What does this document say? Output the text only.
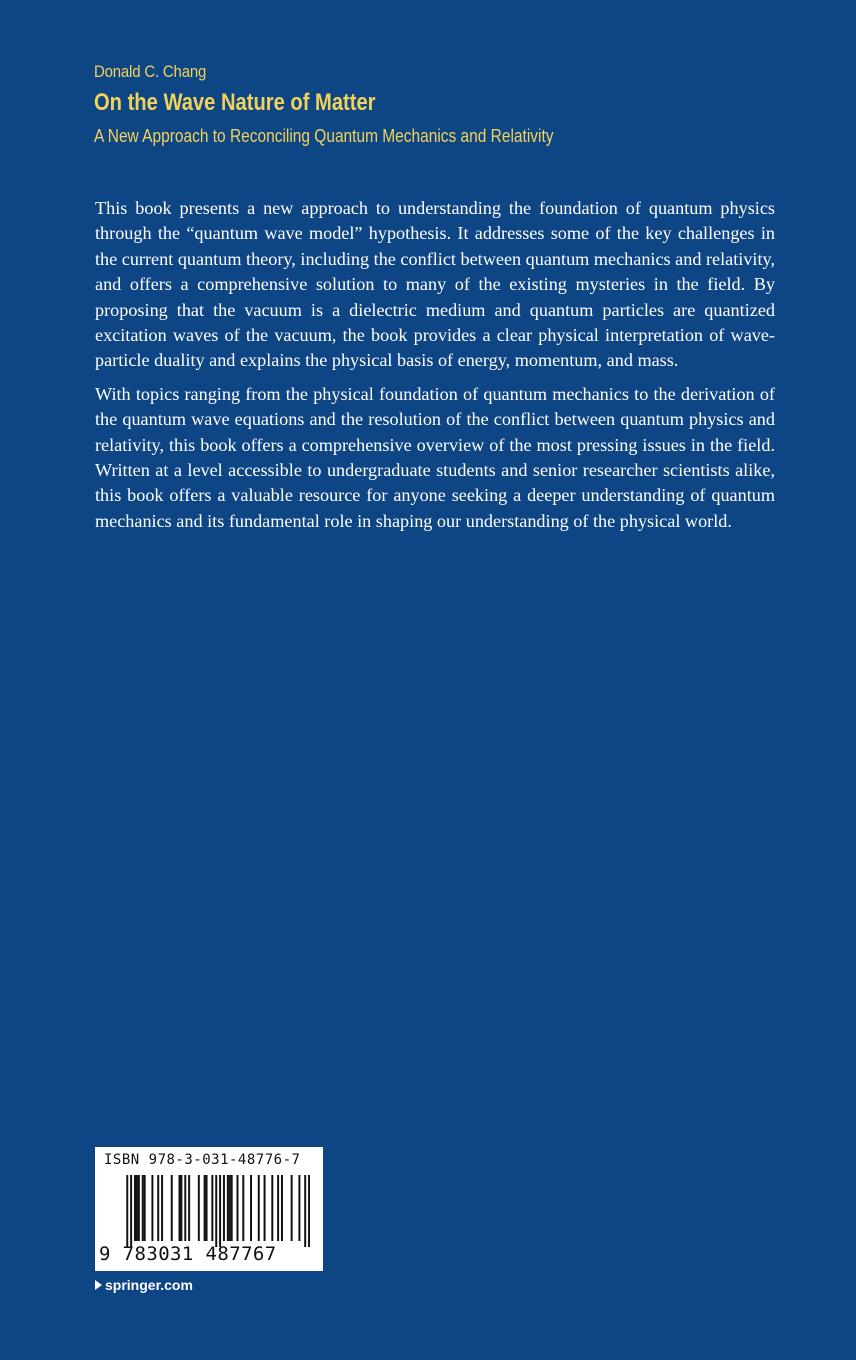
Donald C. Chang
On the Wave Nature of Matter
A New Approach to Reconciling Quantum Mechanics and Relativity

This book presents a new approach to understanding the foundation of quantum physics through the “quantum wave model” hypothesis. It addresses some of the key challenges in the current quantum theory, including the conflict between quantum mechanics and relativity, and offers a comprehensive solution to many of the existing mysteries in the field. By proposing that the vacuum is a dielectric medium and quantum particles are quantized excitation waves of the vacuum, the book provides a clear physical interpretation of wave-particle duality and explains the physical basis of energy, momentum, and mass.

With topics ranging from the physical foundation of quantum mechanics to the derivation of the quantum wave equations and the resolution of the conflict between quantum physics and relativity, this book offers a comprehensive overview of the most pressing issues in the field. Written at a level accessible to undergraduate students and senior researcher scientists alike, this book offers a valuable resource for anyone seeking a deeper understanding of quantum mechanics and its fundamental role in shaping our understanding of the physical world.

ISBN 978-3-031-48776-7
9 783031 487767
springer.com
